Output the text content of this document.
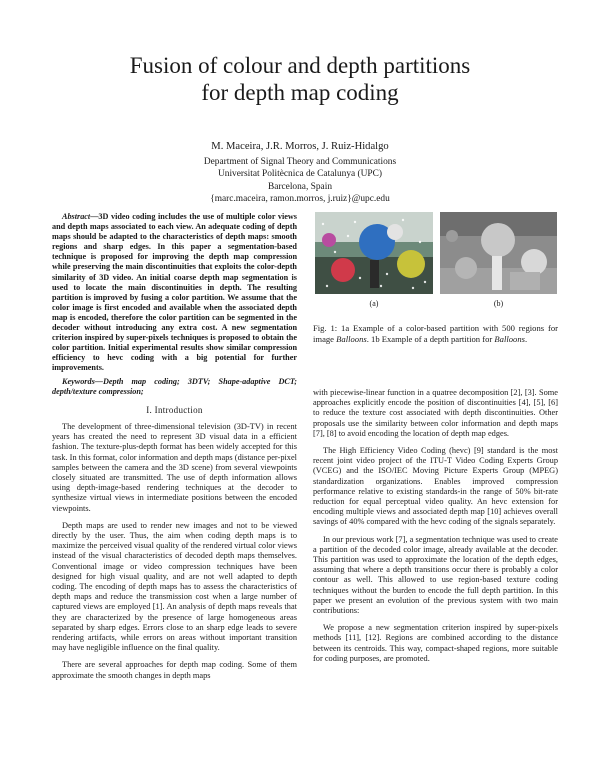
Fusion of colour and depth partitions
for depth map coding
M. Maceira, J.R. Morros, J. Ruiz-Hidalgo
Department of Signal Theory and Communications
Universitat Politècnica de Catalunya (UPC)
Barcelona, Spain
{marc.maceira, ramon.morros, j.ruiz}@upc.edu
Abstract—3D video coding includes the use of multiple color views and depth maps associated to each view. An adequate coding of depth maps should be adapted to the characteristics of depth maps: smooth regions and sharp edges. In this paper a segmentation-based technique is proposed for improving the depth map compression while preserving the main discontinuities that exploits the color-depth similarity of 3D video. An initial coarse depth map segmentation is used to locate the main discontinuities in depth. The resulting partition is improved by fusing a color partition. We assume that the color image is first encoded and available when the associated depth map is encoded, therefore the color partition can be segmented in the decoder without introducing any extra cost. A new segmentation criterion inspired by super-pixels techniques is proposed to obtain the color partition. Initial experimental results show similar compression efficiency to hevc coding with a big potential for further improvements.
Keywords—Depth map coding; 3DTV; Shape-adaptive DCT; depth/texture compression;
I. Introduction

The development of three-dimensional television (3D-TV) in recent years has created the need to represent 3D visual data in a efficient fashion. The texture-plus-depth format has been widely accepted for this task. In this format, color information and depth maps (distance per-pixel samples between the camera and the 3D scene) from several viewpoints closely situated are transmitted. The use of depth information allows using depth-image-based rendering techniques at the decoder to synthesize virtual views in intermediate positions between the encoded viewpoints.

Depth maps are used to render new images and not to be viewed directly by the user. Thus, the aim when coding depth maps is to maximize the perceived visual quality of the rendered virtual color views instead of the visual characteristics of decoded depth maps themselves. Conventional image or video compression techniques have been designed for high visual quality, and are not well adapted to depth coding. The encoding of depth maps has to assess the characteristics of depth maps and reduce the transmission cost when a large number of captured views are employed [1]. An analysis of depth maps reveals that they are characterized by the presence of large homogeneous areas separated by sharp edges. Errors close to an sharp edge leads to severe rendering artifacts, while errors on areas without important transition may have negligible influence on the final quality.

There are several approaches for depth map coding. Some of them approximate the smooth changes in depth maps

(a)	(b)
Fig. 1: 1a Example of a color-based partition with 500 regions for image Balloons. 1b Example of a depth partition for Balloons.

with piecewise-linear function in a quatree decomposition [2], [3]. Some approaches explicitly encode the position of discontinuities [4], [5], [6] to reduce the texture cost associated with depth discontinuities. Other proposals use the similarity between color information and depth maps [7], [8] to avoid encoding the location of depth map edges.

The High Efficiency Video Coding (hevc) [9] standard is the most recent joint video project of the ITU-T Video Coding Experts Group (VCEG) and the ISO/IEC Moving Picture Experts Group (MPEG) standardization organizations. Enables improved compression performance relative to existing standards-in the range of 50% bit-rate reduction for equal perceptual video quality. An hevc extension for encoding multiple views and associated depth map [10] achieves overall savings of 40% compared with the hevc coding of the signals separately.

In our previous work [7], a segmentation technique was used to create a partition of the decoded color image, already available at the decoder. This partition was used to approximate the location of the depth edges, assuming that where a depth transitions occur there is probably a color contour as well. This allowed to use region-based texture coding techniques without the burden to encode the full depth partition. In this paper we present an evolution of the previous system with two main contributions:

We propose a new segmentation criterion inspired by super-pixels methods [11], [12]. Regions are combined according to the distance between its centroids. This way, compact-shaped regions, more suitable for coding purposes, are promoted.
